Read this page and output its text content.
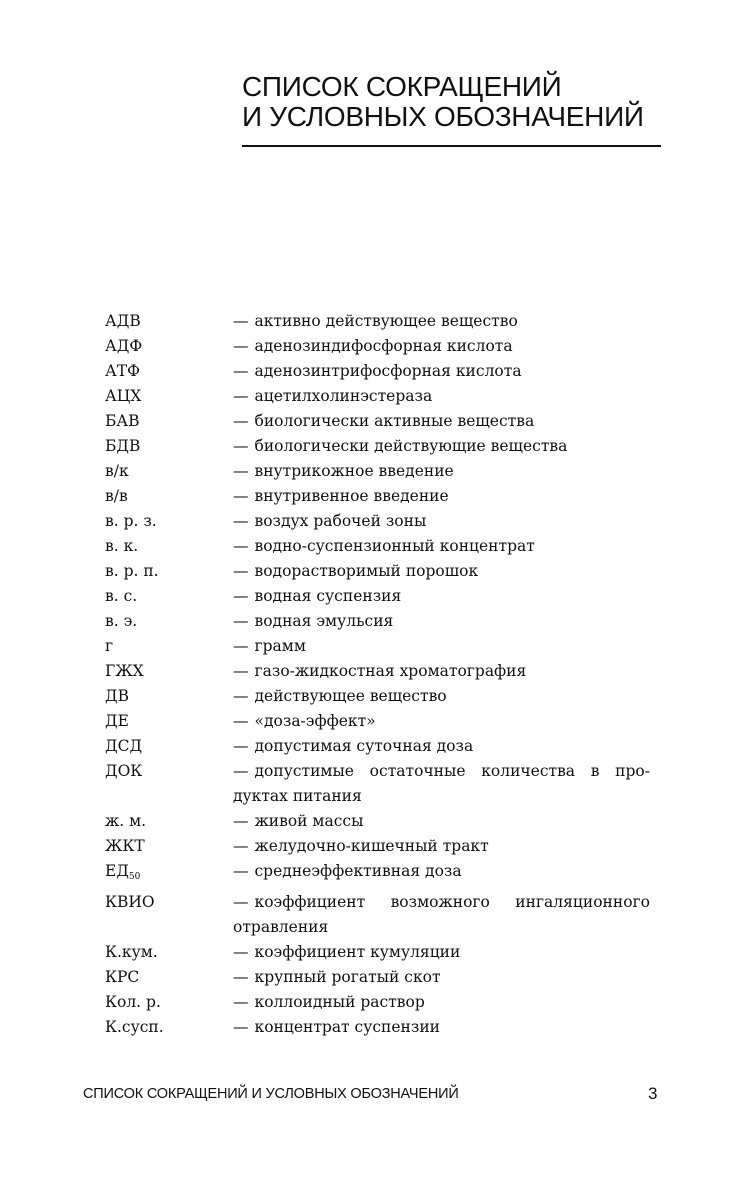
СПИСОК СОКРАЩЕНИЙ
И УСЛОВНЫХ ОБОЗНАЧЕНИЙ
АДВ	— активно действующее вещество
АДФ	— аденозиндифосфорная кислота
АТФ	— аденозинтрифосфорная кислота
АЦХ	— ацетилхолинэстераза
БАВ	— биологически активные вещества
БДВ	— биологически действующие вещества
в/к	— внутрикожное введение
в/в	— внутривенное введение
в. р. з.	— воздух рабочей зоны
в. к.	— водно-суспензионный концентрат
в. р. п.	— водорастворимый порошок
в. с.	— водная суспензия
в. э.	— водная эмульсия
г	— грамм
ГЖХ	— газо-жидкостная хроматография
ДВ	— действующее вещество
ДЕ	— «доза-эффект»
ДСД	— допустимая суточная доза
ДОК	— допустимые остаточные количества в про-дуктах питания
ж. м.	— живой массы
ЖКТ	— желудочно-кишечный тракт
$ЕД_{50}$	— среднеэффективная доза
КВИО	— коэффициент возможного ингаляционного отравления
К.кум.	— коэффициент кумуляции
КРС	— крупный рогатый скот
Кол. р.	— коллоидный раствор
К.сусп.	— концентрат суспензии
СПИСОК СОКРАЩЕНИЙ И УСЛОВНЫХ ОБОЗНАЧЕНИЙ	3
